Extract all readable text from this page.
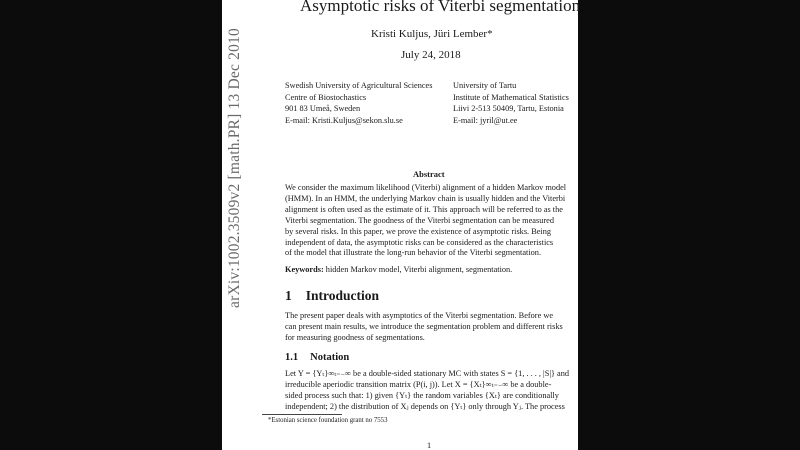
arXiv:1002.3509v2 [math.PR] 13 Dec 2010
Asymptotic risks of Viterbi segmentation
Kristi Kuljus, Jüri Lember*
July 24, 2018
Swedish University of Agricultural Sciences
Centre of Biostochastics
901 83 Umeå, Sweden
E-mail: Kristi.Kuljus@sekon.slu.se
University of Tartu
Institute of Mathematical Statistics
Liivi 2-513 50409, Tartu, Estonia
E-mail: jyril@ut.ee
Abstract
We consider the maximum likelihood (Viterbi) alignment of a hidden Markov model
(HMM). In an HMM, the underlying Markov chain is usually hidden and the Viterbi
alignment is often used as the estimate of it. This approach will be referred to as the
Viterbi segmentation. The goodness of the Viterbi segmentation can be measured
by several risks. In this paper, we prove the existence of asymptotic risks. Being
independent of data, the asymptotic risks can be considered as the characteristics
of the model that illustrate the long-run behavior of the Viterbi segmentation.
Keywords: hidden Markov model, Viterbi alignment, segmentation.
1 Introduction
The present paper deals with asymptotics of the Viterbi segmentation. Before we
can present main results, we introduce the segmentation problem and different risks
for measuring goodness of segmentations.
1.1 Notation
Let Y = {Yₜ}∞ₜ₌₋∞ be a double-sided stationary MC with states S = {1, . . . , |S|} and
irreducible aperiodic transition matrix (P(i, j)). Let X = {Xₜ}∞ₜ₌₋∞ be a double-
sided process such that: 1) given {Yₜ} the random variables {Xₜ} are conditionally
independent; 2) the distribution of Xⱼ depends on {Yₜ} only through Yⱼ. The process
*Estonian science foundation grant no 7553
1
